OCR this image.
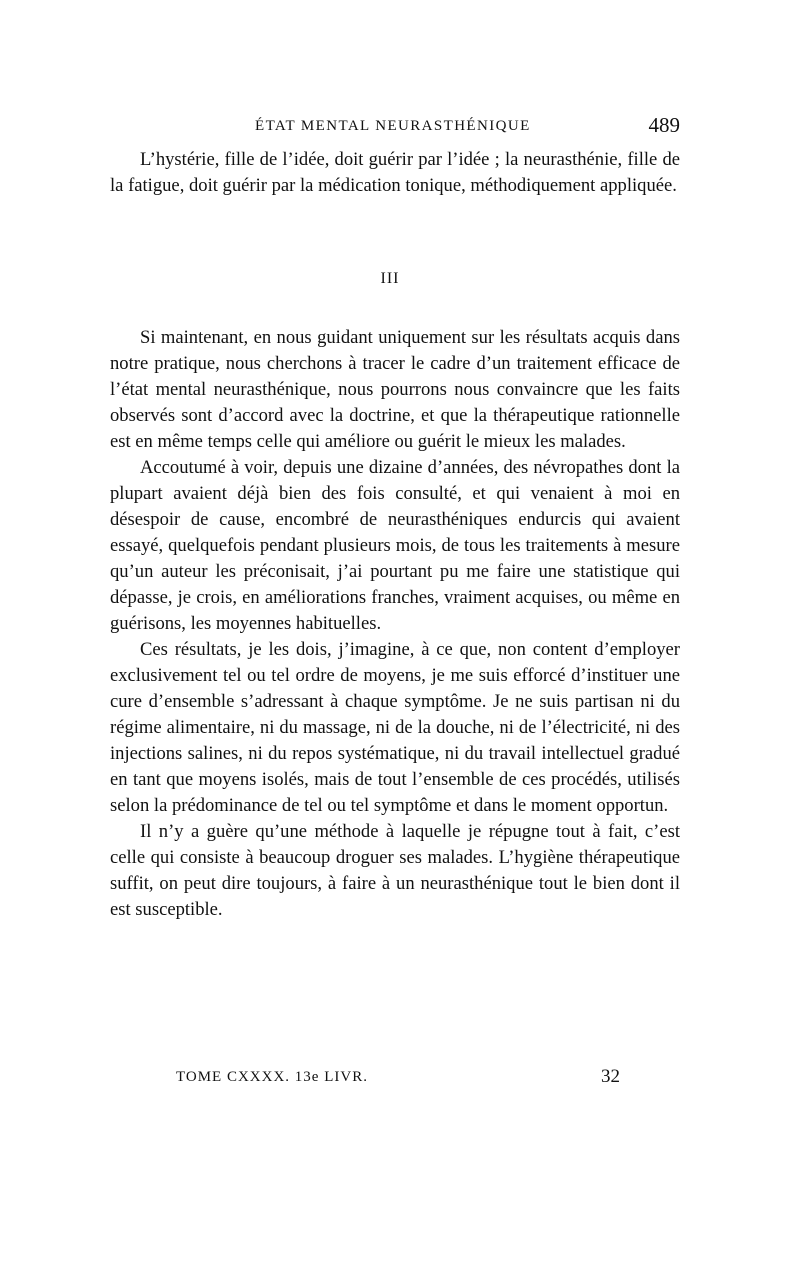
ÉTAT MENTAL NEURASTHÉNIQUE	489

L’hystérie, fille de l’idée, doit guérir par l’idée ; la neurasthénie, fille de la fatigue, doit guérir par la médication tonique, méthodiquement appliquée.

III

Si maintenant, en nous guidant uniquement sur les résultats acquis dans notre pratique, nous cherchons à tracer le cadre d’un traitement efficace de l’état mental neurasthénique, nous pourrons nous convaincre que les faits observés sont d’accord avec la doctrine, et que la thérapeutique rationnelle est en même temps celle qui améliore ou guérit le mieux les malades.

Accoutumé à voir, depuis une dizaine d’années, des névropathes dont la plupart avaient déjà bien des fois consulté, et qui venaient à moi en désespoir de cause, encombré de neurasthéniques endurcis qui avaient essayé, quelquefois pendant plusieurs mois, de tous les traitements à mesure qu’un auteur les préconisait, j’ai pourtant pu me faire une statistique qui dépasse, je crois, en améliorations franches, vraiment acquises, ou même en guérisons, les moyennes habituelles.

Ces résultats, je les dois, j’imagine, à ce que, non content d’employer exclusivement tel ou tel ordre de moyens, je me suis efforcé d’instituer une cure d’ensemble s’adressant à chaque symptôme. Je ne suis partisan ni du régime alimentaire, ni du massage, ni de la douche, ni de l’électricité, ni des injections salines, ni du repos systématique, ni du travail intellectuel gradué en tant que moyens isolés, mais de tout l’ensemble de ces procédés, utilisés selon la prédominance de tel ou tel symptôme et dans le moment opportun.

Il n’y a guère qu’une méthode à laquelle je répugne tout à fait, c’est celle qui consiste à beaucoup droguer ses malades. L’hygiène thérapeutique suffit, on peut dire toujours, à faire à un neurasthénique tout le bien dont il est susceptible.

TOME CXXXX. 13e LIVR.	32
